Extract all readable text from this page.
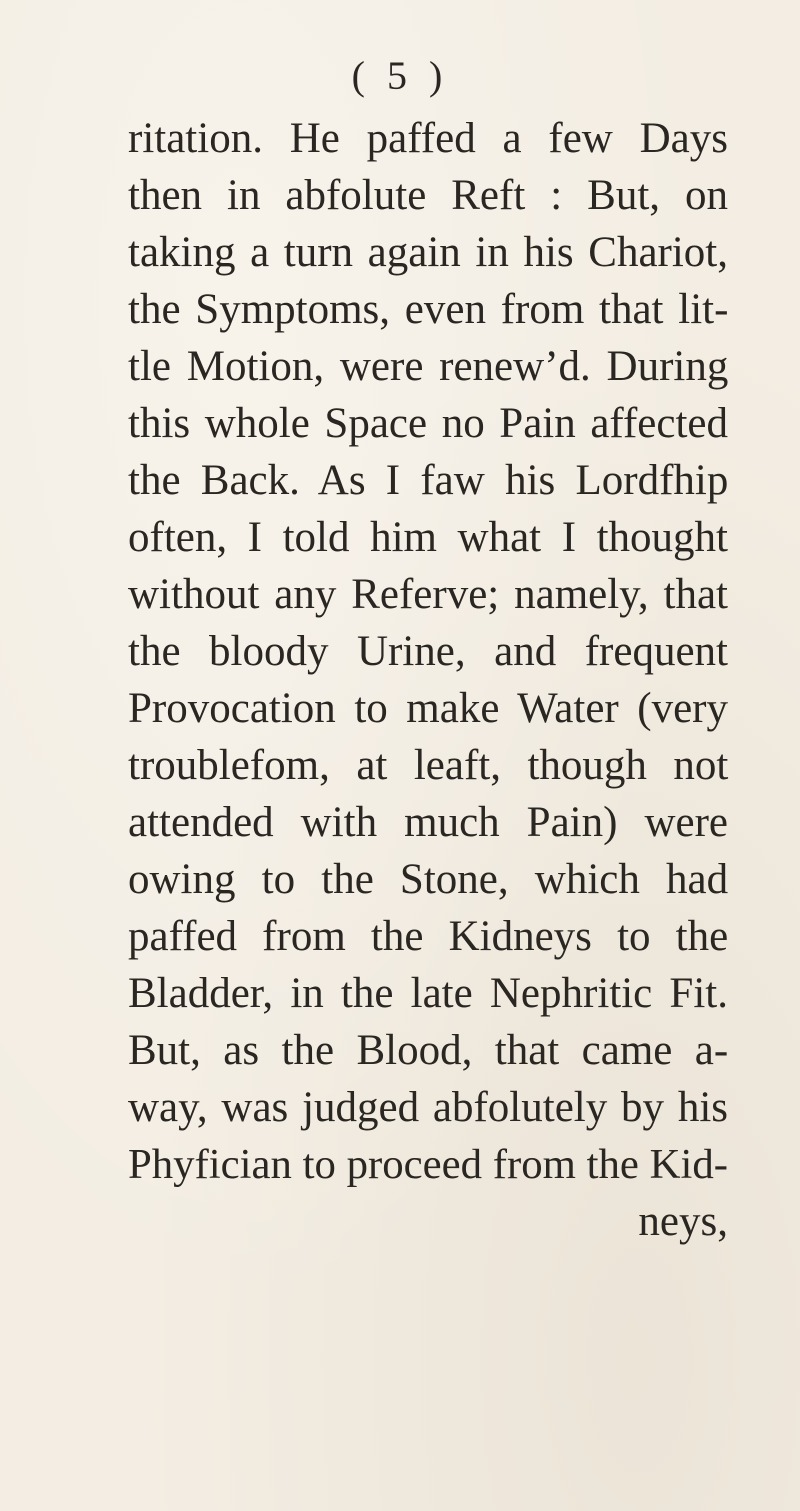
( 5 )
ritation. He paffed a few Days
then in abfolute Reft : But, on
taking a turn again in his Chariot,
the Symptoms, even from that lit-
tle Motion, were renew’d. During
this whole Space no Pain affected
the Back. As I faw his Lordfhip
often, I told him what I thought
without any Referve; namely, that
the bloody Urine, and frequent
Provocation to make Water (very
troublefom, at leaft, though not
attended with much Pain) were
owing to the Stone, which had
paffed from the Kidneys to the
Bladder, in the late Nephritic Fit.
But, as the Blood, that came a-
way, was judged abfolutely by his
Phyfician to proceed from the Kid-
neys,
